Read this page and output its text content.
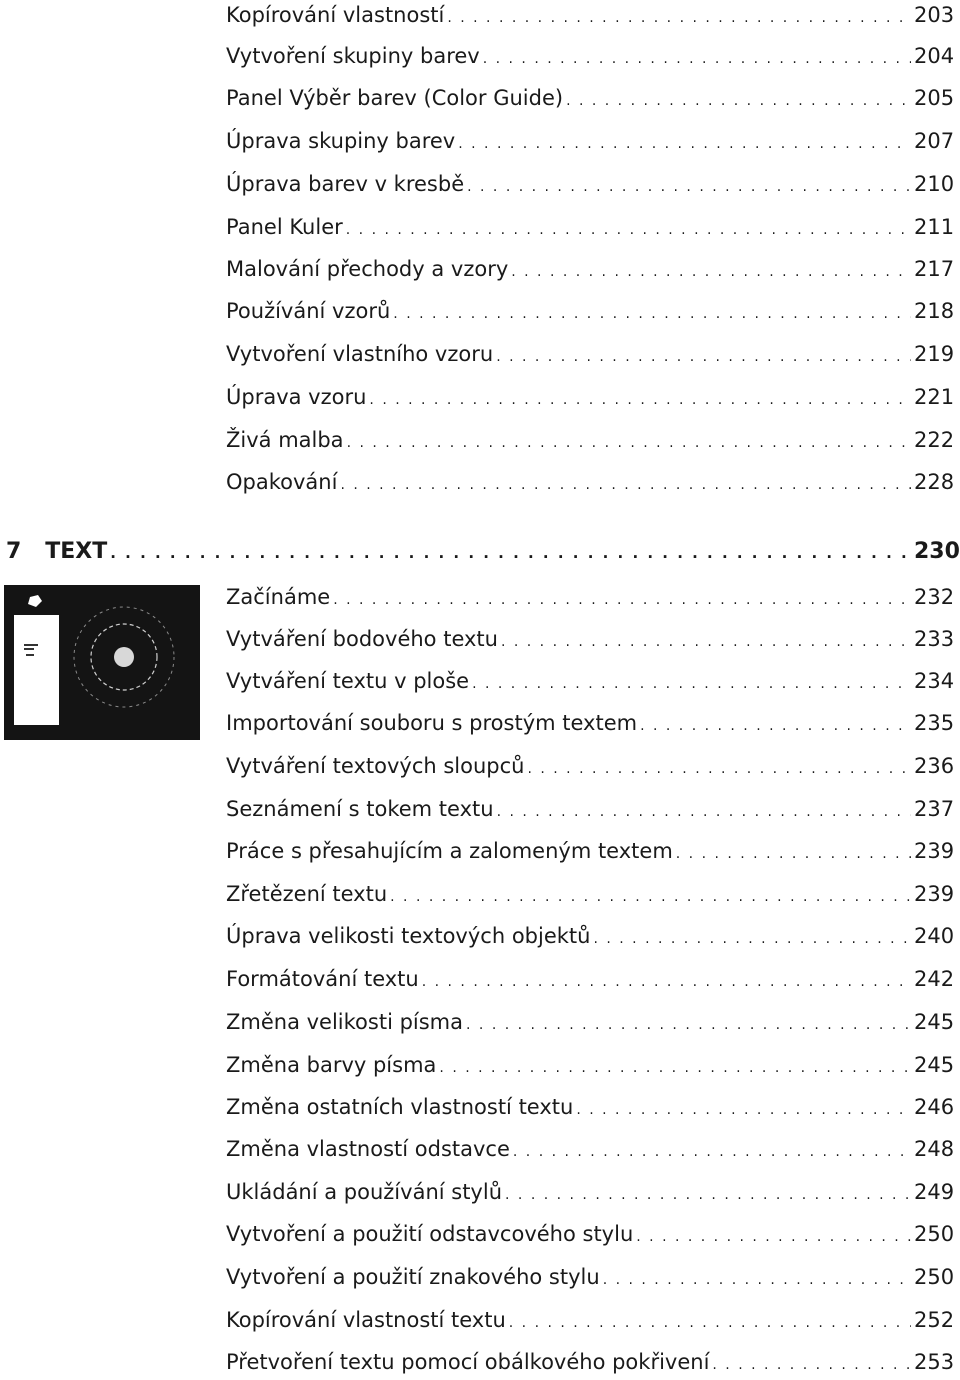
Kopírování vlastností . . .	203
Vytvoření skupiny barev . . .	204
Panel Výběr barev (Color Guide) . . .	205
Úprava skupiny barev . . .	207
Úprava barev v kresbě . . .	210
Panel Kuler . . .	211
Malování přechody a vzory . . .	217
Používání vzorů . . .	218
Vytvoření vlastního vzoru . . .	219
Úprava vzoru . . .	221
Živá malba . . .	222
Opakování . . .	228
7	TEXT . . .	230
Začínáme . . .	232
Vytváření bodového textu . . .	233
Vytváření textu v ploše . . .	234
Importování souboru s prostým textem . . .	235
Vytváření textových sloupců . . .	236
Seznámení s tokem textu . . .	237
Práce s přesahujícím a zalomeným textem . . .	239
Zřetězení textu . . .	239
Úprava velikosti textových objektů . . .	240
Formátování textu . . .	242
Změna velikosti písma . . .	245
Změna barvy písma . . .	245
Změna ostatních vlastností textu . . .	246
Změna vlastností odstavce . . .	248
Ukládání a používání stylů . . .	249
Vytvoření a použití odstavcového stylu . . .	250
Vytvoření a použití znakového stylu . . .	250
Kopírování vlastností textu . . .	252
Přetvoření textu pomocí obálkového pokřivení . . .	253
